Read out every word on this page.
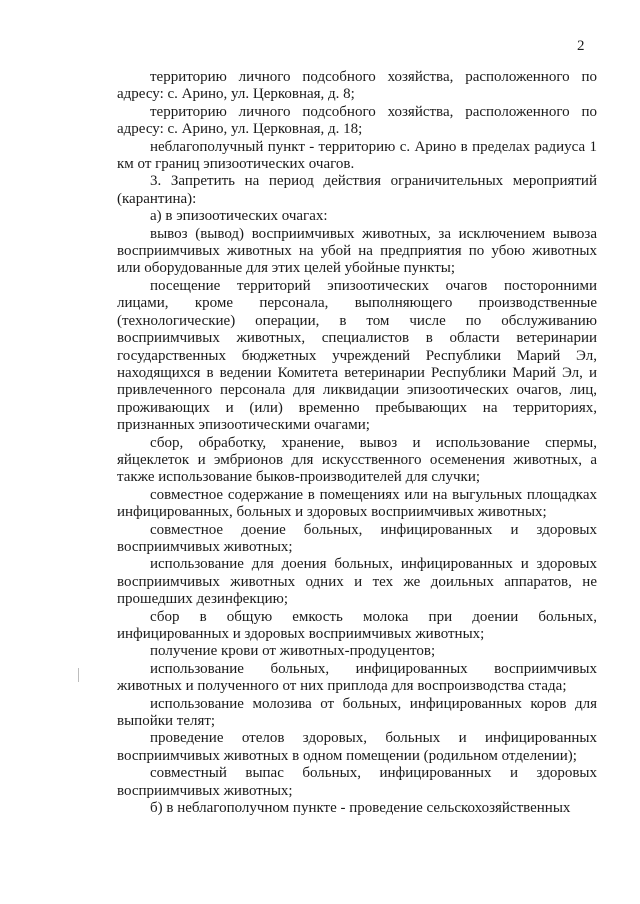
2

территорию личного подсобного хозяйства, расположенного по адресу: с. Арино, ул. Церковная, д. 8;

территорию личного подсобного хозяйства, расположенного по адресу: с. Арино, ул. Церковная, д. 18;

неблагополучный пункт - территорию с. Арино в пределах радиуса 1 км от границ эпизоотических очагов.

3. Запретить на период действия ограничительных мероприятий (карантина):

а) в эпизоотических очагах:

вывоз (вывод) восприимчивых животных, за исключением вывоза восприимчивых животных на убой на предприятия по убою животных или оборудованные для этих целей убойные пункты;

посещение территорий эпизоотических очагов посторонними лицами, кроме персонала, выполняющего производственные (технологические) операции, в том числе по обслуживанию восприимчивых животных, специалистов в области ветеринарии государственных бюджетных учреждений Республики Марий Эл, находящихся в ведении Комитета ветеринарии Республики Марий Эл, и привлеченного персонала для ликвидации эпизоотических очагов, лиц, проживающих и (или) временно пребывающих на территориях, признанных эпизоотическими очагами;

сбор, обработку, хранение, вывоз и использование спермы, яйцеклеток и эмбрионов для искусственного осеменения животных, а также использование быков-производителей для случки;

совместное содержание в помещениях или на выгульных площадках инфицированных, больных и здоровых восприимчивых животных;

совместное доение больных, инфицированных и здоровых восприимчивых животных;

использование для доения больных, инфицированных и здоровых восприимчивых животных одних и тех же доильных аппаратов, не прошедших дезинфекцию;

сбор в общую емкость молока при доении больных, инфицированных и здоровых восприимчивых животных;

получение крови от животных-продуцентов;

использование больных, инфицированных восприимчивых животных и полученного от них приплода для воспроизводства стада;

использование молозива от больных, инфицированных коров для выпойки телят;

проведение отелов здоровых, больных и инфицированных восприимчивых животных в одном помещении (родильном отделении);

совместный выпас больных, инфицированных и здоровых восприимчивых животных;

б) в неблагополучном пункте - проведение сельскохозяйственных
